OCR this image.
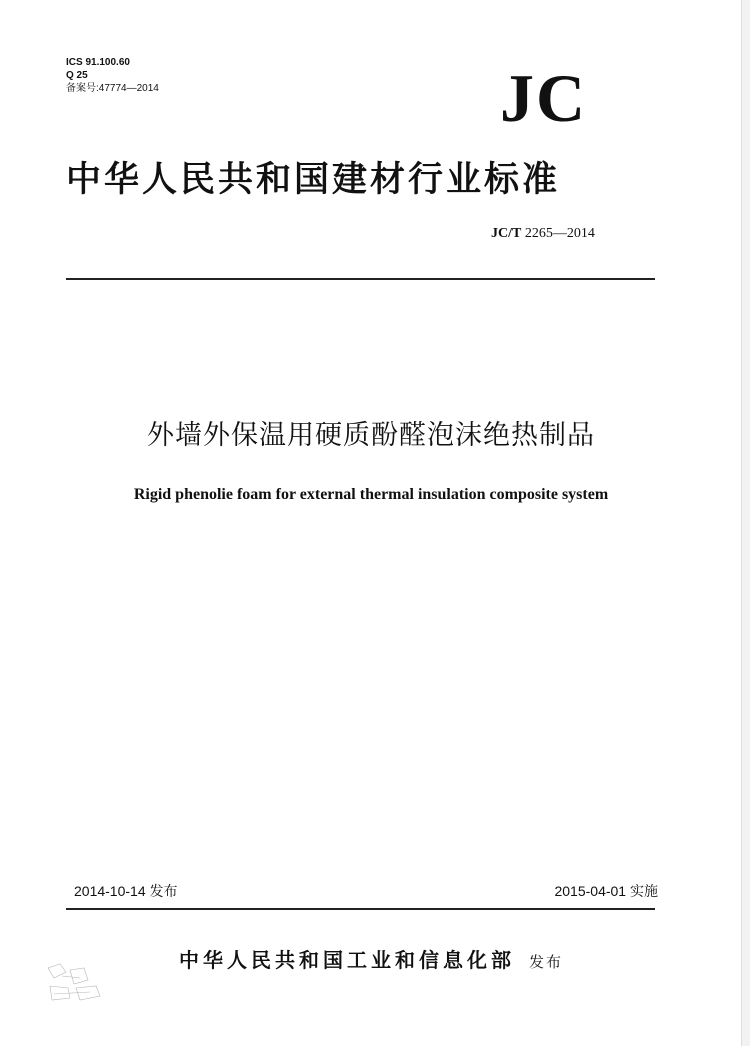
ICS 91.100.60
Q 25
备案号:47774—2014	JC
中华人民共和国建材行业标准
JC/T 2265—2014
外墙外保温用硬质酚醛泡沫绝热制品
Rigid phenolie foam for external thermal insulation composite system
2014-10-14 发布	2015-04-01 实施
中华人民共和国工业和信息化部 发布
